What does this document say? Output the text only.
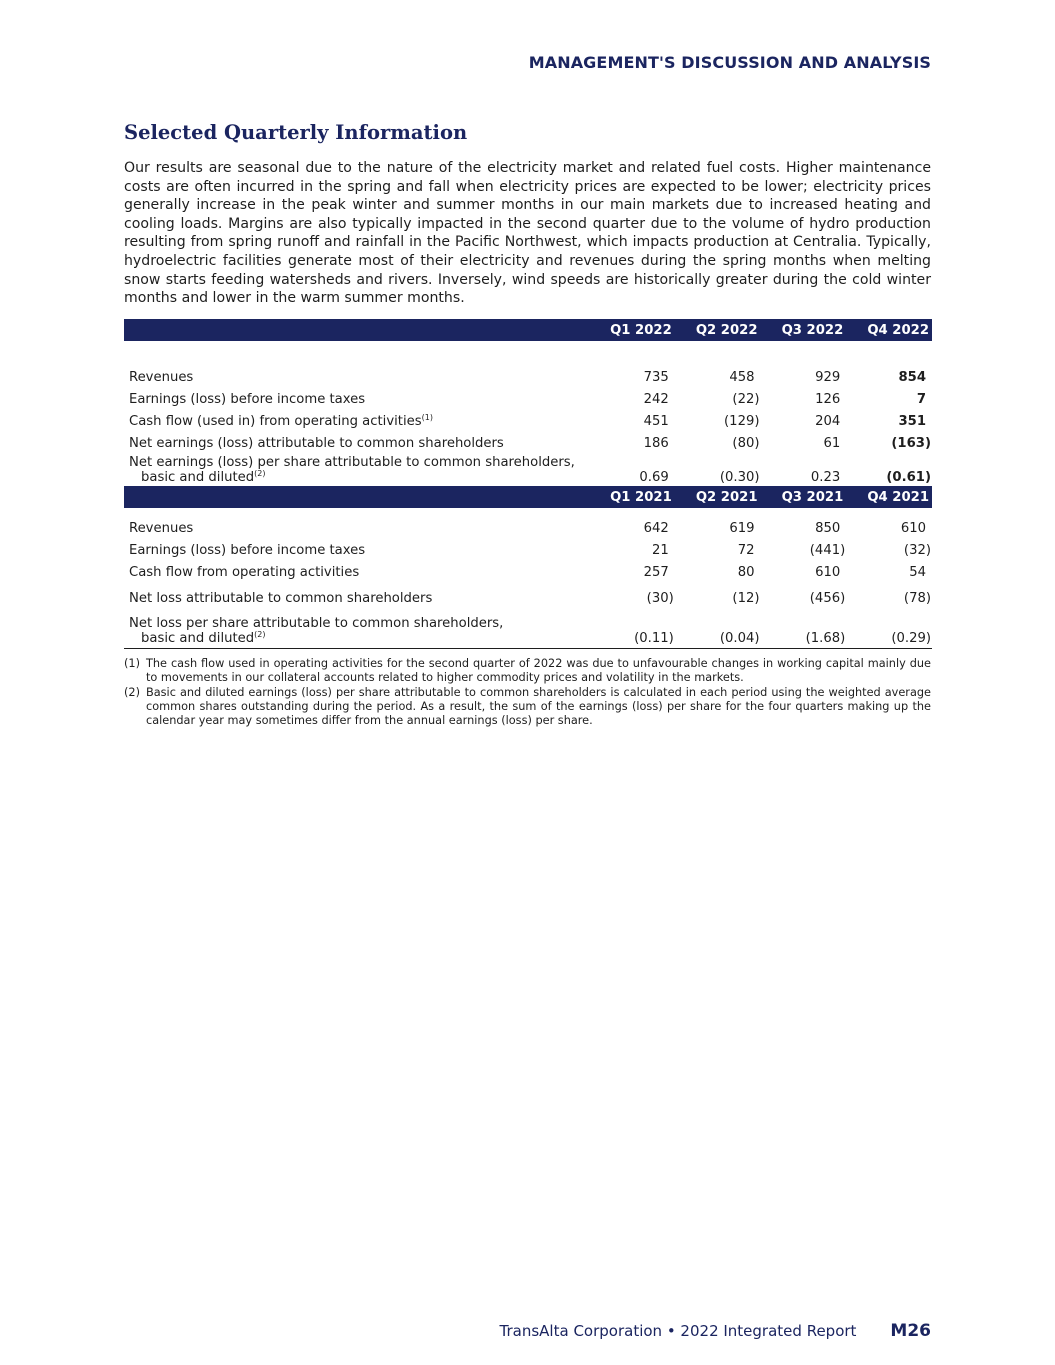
MANAGEMENT'S DISCUSSION AND ANALYSIS
Selected Quarterly Information

Our results are seasonal due to the nature of the electricity market and related fuel costs. Higher maintenance costs are often incurred in the spring and fall when electricity prices are expected to be lower; electricity prices generally increase in the peak winter and summer months in our main markets due to increased heating and cooling loads. Margins are also typically impacted in the second quarter due to the volume of hydro production resulting from spring runoff and rainfall in the Pacific Northwest, which impacts production at Centralia. Typically, hydroelectric facilities generate most of their electricity and revenues during the spring months when melting snow starts feeding watersheds and rivers. Inversely, wind speeds are historically greater during the cold winter months and lower in the warm summer months.

	Q1 2022	Q2 2022	Q3 2022	Q4 2022

Revenues	735	458	929	854
Earnings (loss) before income taxes	242	(22)	126	7
Cash flow (used in) from operating activities$^{(1)}$	451	(129)	204	351
Net earnings (loss) attributable to common shareholders	186	(80)	61	(163)

Net earnings (loss) per share attributable to common shareholders,
basic and diluted$^{(2)}$	0.69	(0.30)	0.23	(0.61)
	Q1 2021	Q2 2021	Q3 2021	Q4 2021

Revenues	642	619	850	610
Earnings (loss) before income taxes	21	72	(441)	(32)
Cash flow from operating activities	257	80	610	54
Net loss attributable to common shareholders	(30)	(12)	(456)	(78)

Net loss per share attributable to common shareholders,
basic and diluted$^{(2)}$	(0.11)	(0.04)	(1.68)	(0.29)
(1) The cash flow used in operating activities for the second quarter of 2022 was due to unfavourable changes in working capital mainly due to movements in our collateral accounts related to higher commodity prices and volatility in the markets.
(2) Basic and diluted earnings (loss) per share attributable to common shareholders is calculated in each period using the weighted average common shares outstanding during the period. As a result, the sum of the earnings (loss) per share for the four quarters making up the calendar year may sometimes differ from the annual earnings (loss) per share.
TransAlta Corporation • 2022 Integrated Report M26
